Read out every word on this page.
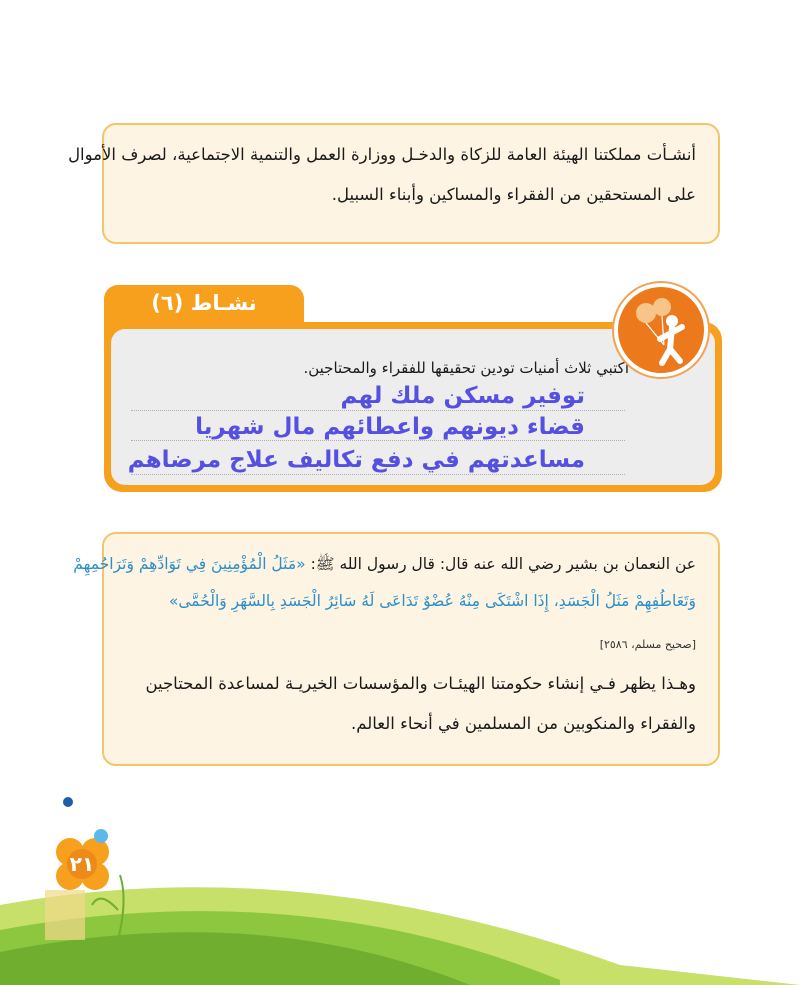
أنشـأت مملكتنا الهيئة العامة للزكاة والدخـل ووزارة العمل والتنمية الاجتماعية، لصرف الأموال
على المستحقين من الفقراء والمساكين وأبناء السبيل.
نشـاط (٦)
اكتبي ثلاث أمنيات تودين تحقيقها للفقراء والمحتاجين.
توفير مسكن ملك لهم
قضاء ديونهم واعطائهم مال شهريا
مساعدتهم في دفع تكاليف علاج مرضاهم
عن النعمان بن بشير رضي الله عنه قال: قال رسول الله ﷺ: «مَثَلُ الْمُؤْمِنِينَ فِي تَوَادِّهِمْ وَتَرَاحُمِهِمْ
وَتَعَاطُفِهِمْ مَثَلُ الْجَسَدِ، إِذَا اشْتَكَى مِنْهُ عُضْوٌ تَدَاعَى لَهُ سَائِرُ الْجَسَدِ بِالسَّهَرِ وَالْحُمَّى»
[صحيح مسلم، ٢٥٨٦]
وهـذا يظهر فـي إنشاء حكومتنا الهيئـات والمؤسسات الخيريـة لمساعدة المحتاجين
والفقراء والمنكوبين من المسلمين في أنحاء العالم.
٢١
